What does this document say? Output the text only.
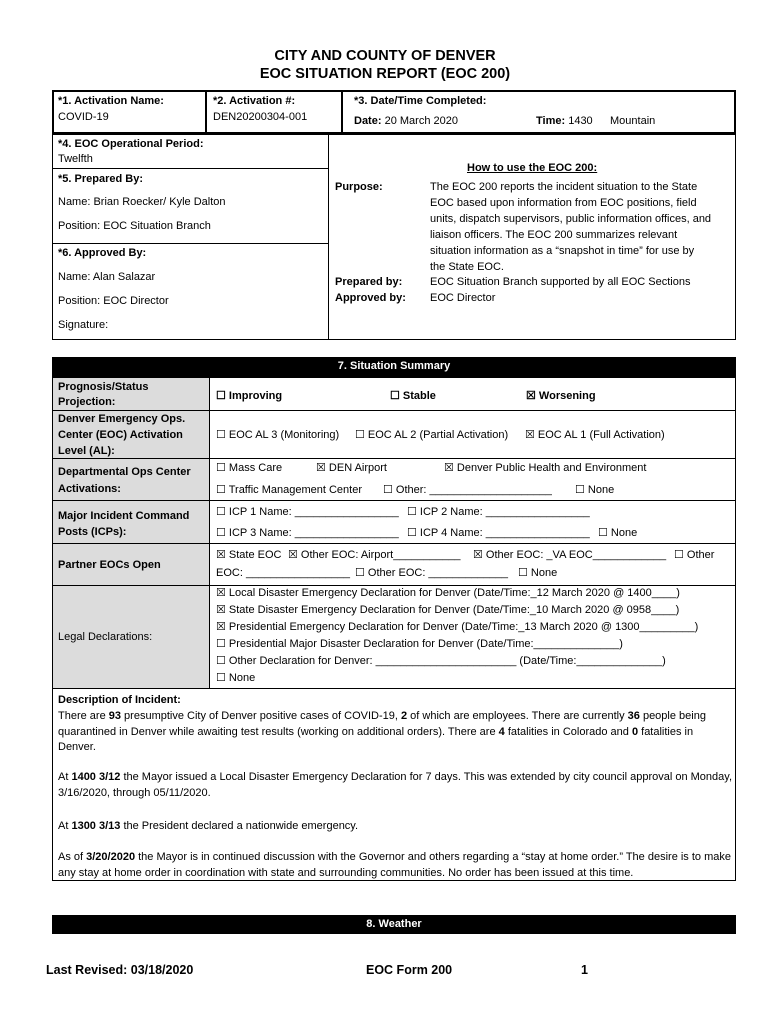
CITY AND COUNTY OF DENVER
EOC SITUATION REPORT (EOC 200)
*1. Activation Name:
COVID-19
*2. Activation #:
DEN20200304-001
*3. Date/Time Completed:
Date: 20 March 2020	Time: 1430 Mountain
*4. EOC Operational Period:
Twelfth
*5. Prepared By:
Name: Brian Roecker/ Kyle Dalton
Position: EOC Situation Branch
*6. Approved By:
Name: Alan Salazar
Position: EOC Director
Signature:
How to use the EOC 200:
Purpose:	The EOC 200 reports the incident situation to the State
EOC based upon information from EOC positions, field
units, dispatch supervisors, public information offices, and
liaison officers. The EOC 200 summarizes relevant
situation information as a “snapshot in time” for use by
the State EOC.
Prepared by:	EOC Situation Branch supported by all EOC Sections
Approved by: EOC Director
7. Situation Summary
Prognosis/Status
Projection:	☐ Improving	☐ Stable	☒ Worsening
Denver Emergency Ops.
Center (EOC) Activation
Level (AL):
☐ EOC AL 3 (Monitoring) ☐ EOC AL 2 (Partial Activation) ☒ EOC AL 1 (Full Activation)
Departmental Ops Center
Activations:
☐ Mass Care	☒ DEN Airport	☒ Denver Public Health and Environment
☐ Traffic Management Center ☐ Other: ____________________ ☐ None
Major Incident Command
Posts (ICPs):
☐ ICP 1 Name: _________________ ☐ ICP 2 Name: _________________
☐ ICP 3 Name: _________________ ☐ ICP 4 Name: _________________ ☐ None
Partner EOCs Open
☒ State EOC ☒ Other EOC: Airport___________ ☒ Other EOC: _VA EOC____________ ☐ Other
EOC: _________________ ☐ Other EOC: _____________ ☐ None
Legal Declarations:
☒ Local Disaster Emergency Declaration for Denver (Date/Time:_12 March 2020 @ 1400____)
☒ State Disaster Emergency Declaration for Denver (Date/Time:_10 March 2020 @ 0958____)
☒ Presidential Emergency Declaration for Denver (Date/Time:_13 March 2020 @ 1300_________)
☐ Presidential Major Disaster Declaration for Denver (Date/Time:______________)
☐ Other Declaration for Denver: _______________________ (Date/Time:______________)
☐ None
Description of Incident:
There are 93 presumptive City of Denver positive cases of COVID-19, 2 of which are employees. There are currently 36 people being quarantined in Denver while awaiting test results (working on additional orders). There are 4 fatalities in Colorado and 0 fatalities in Denver.
At 1400 3/12 the Mayor issued a Local Disaster Emergency Declaration for 7 days. This was extended by city council approval on Monday, 3/16/2020, through 05/11/2020.
At 1300 3/13 the President declared a nationwide emergency.
As of 3/20/2020 the Mayor is in continued discussion with the Governor and others regarding a “stay at home order.” The desire is to make any stay at home order in coordination with state and surrounding communities. No order has been issued at this time.
8. Weather
Last Revised: 03/18/2020	EOC Form 200	1
